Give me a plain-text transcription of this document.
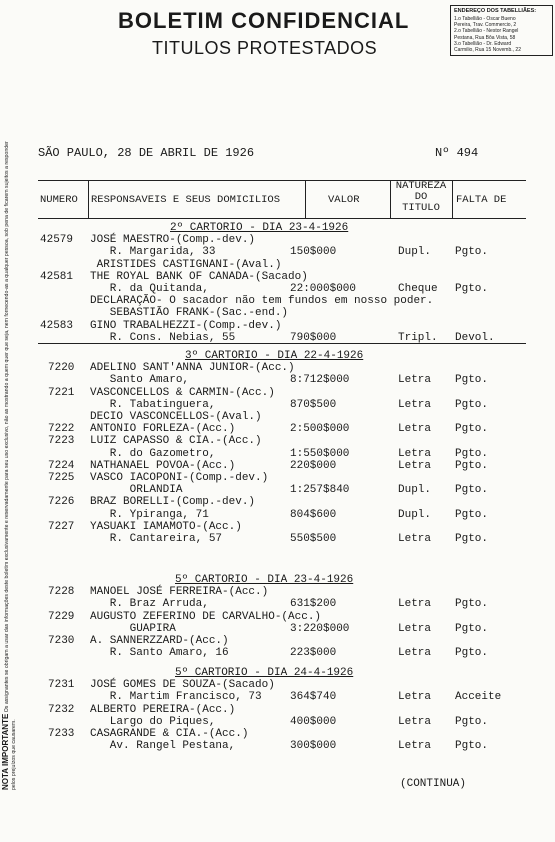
NOTA IMPORTANTE Os assignantes se obrigam a usar das informações deste boletim exclusivamente e reservadamente para seu uso exclusivo, não as mostrando a quem quer que seja, nem fornecendo-as a qualquer pessoa, sob pena de ficarem sujeitos a responder pelos prejuízos que causarem.
BOLETIM CONFIDENCIAL
TITULOS PROTESTADOS
ENDEREÇO DOS TABELLIÃES:
1.o Tabellião - Oscar Bueno
Pereira, Trav. Commercio, 2
2.o Tabellião - Nestor Rangel
Pestana, Rua Bôa Vista, 58
3.o Tabellião - Dr. Edward
Carmilio, Rua 15 Novemb., 22
SÃO PAULO, 28 DE ABRIL DE 1926	Nº 494
NUMERO RESPONSAVEIS E SEUS DOMICILIOS	VALOR
NATUREZA
DO
TITULO
FALTA DE
2º CARTORIO - DIA 23-4-1926
42579 JOSÉ MAESTRO-(Comp.-dev.)
R. Margarida, 33	150$000	Dupl. Pgto.
ARISTIDES CASTIGNANI-(Aval.)
42581 THE ROYAL BANK OF CANADA-(Sacado)
R. da Quitanda,	22:000$000	Cheque Pgto.
DECLARAÇÃO- O sacador não tem fundos em nosso poder.
SEBASTIÃO FRANK-(Sac.-end.)
42583 GINO TRABALHEZZI-(Comp.-dev.)
R. Cons. Nebias, 55	790$000	Tripl. Devol.
3º CARTORIO - DIA 22-4-1926
7220 ADELINO SANT'ANNA JUNIOR-(Acc.)
Santo Amaro,	8:712$000	Letra Pgto.
7221 VASCONCELLOS & CARMIN-(Acc.)
R. Tabatinguera,	870$500	Letra Pgto.
DECIO VASCONCELLOS-(Aval.)
7222 ANTONIO FORLEZA-(Acc.)	2:500$000	Letra Pgto.
7223 LUIZ CAPASSO & CIA.-(Acc.)
R. do Gazometro,	1:550$000	Letra Pgto.
7224 NATHANAEL POVOA-(Acc.)	220$000	Letra Pgto.
7225 VASCO IACOPONI-(Comp.-dev.)
ORLANDIA	1:257$840	Dupl. Pgto.
7226 BRAZ BORELLI-(Comp.-dev.)
R. Ypiranga, 71	804$600	Dupl. Pgto.
7227 YASUAKI IAMAMOTO-(Acc.)
R. Cantareira, 57	550$500	Letra Pgto.
5º CARTORIO - DIA 23-4-1926
7228 MANOEL JOSÉ FERREIRA-(Acc.)
R. Braz Arruda,	631$200	Letra Pgto.
7229 AUGUSTO ZEFERINO DE CARVALHO-(Acc.)
GUAPIRA	3:220$000	Letra Pgto.
7230 A. SANNERZZARD-(Acc.)
R. Santo Amaro, 16	223$000	Letra Pgto.
5º CARTORIO - DIA 24-4-1926
7231 JOSÉ GOMES DE SOUZA-(Sacado)
R. Martim Francisco, 73	364$740	Letra Acceite
7232 ALBERTO PEREIRA-(Acc.)
Largo do Piques,	400$000	Letra Pgto.
7233 CASAGRANDE & CIA.-(Acc.)
Av. Rangel Pestana,	300$000	Letra Pgto.
(CONTINUA)
